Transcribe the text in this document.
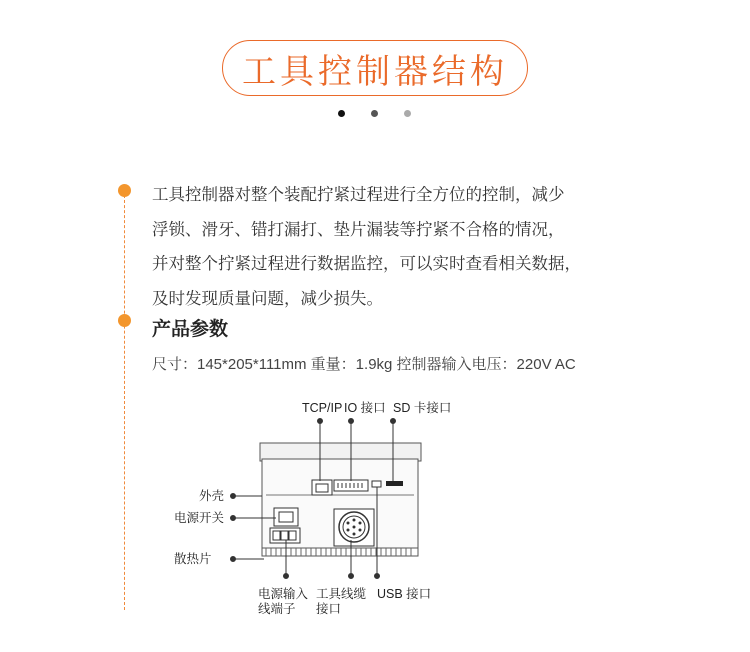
工具控制器结构
工具控制器对整个装配拧紧过程进行全方位的控制，减少
浮锁、滑牙、错打漏打、垫片漏装等拧紧不合格的情况，
并对整个拧紧过程进行数据监控，可以实时查看相关数据，
及时发现质量问题，减少损失。
产品参数
尺寸：145*205*111mm 重量：1.9kg 控制器输入电压：220V AC
TCP/IP IO 接口 SD 卡接口
外壳
电源开关
散热片
电源输入
线端子
工具线缆
接口
USB 接口
